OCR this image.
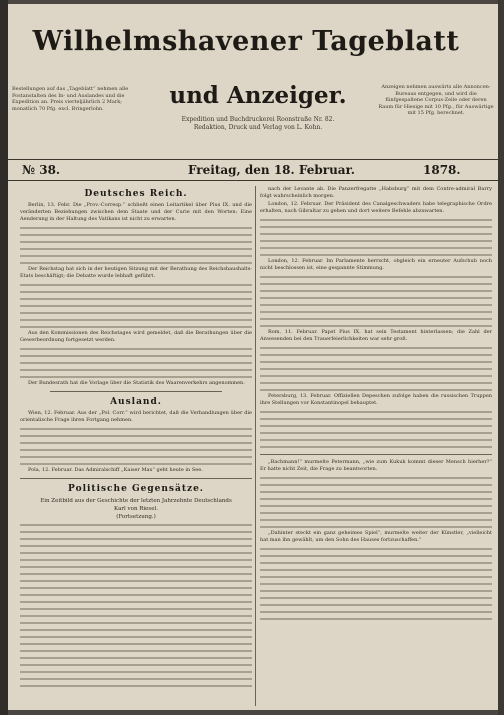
Wilhelmshavener Tageblatt
Bestellungen auf das „Tageblatt“ nehmen alle Postanstalten des In- und Auslandes und die Expedition an. Preis vierteljährlich 2 Mark; monatlich 70 Pfg. excl. Bringerlohn.	und Anzeiger.	Anzeigen nehmen auswärts alle Annoncen-Bureaus entgegen, und wird die fünfgespaltene Corpus-Zeile oder deren Raum für Hiesige mit 10 Pfg., für Auswärtige mit 15 Pfg. berechnet.
Expedition und Buchdruckerei Roonstraße Nr. 82.
Redaktion, Druck und Verlag von L. Kohn.
№ 38.	Freitag, den 18. Februar.	1878.
Deutsches Reich.
Berlin, 13. Febr. Die „Prov.-Corresp.“ schließt einen Leitartikel über Pius IX. und die veränderten Beziehungen zwischen dem Staate und der Curie mit den Worten: Eine Aenderung in der Haltung des Vatikans ist nicht zu erwarten.
Der Reichstag hat sich in der heutigen Sitzung mit der Berathung des Reichshaushalts-Etats beschäftigt; die Debatte wurde lebhaft geführt.
Aus den Kommissionen des Reichstages wird gemeldet, daß die Berathungen über die Gewerbeordnung fortgesetzt werden.
Der Bundesrath hat die Vorlage über die Statistik des Waarenverkehrs angenommen.
Ausland.
Wien, 12. Februar. Aus der „Pol. Corr.“ wird berichtet, daß die Verhandlungen über die orientalische Frage ihren Fortgang nehmen.
Pola, 12. Februar. Das Admiralschiff „Kaiser Max“ geht heute in See.
Politische Gegensätze.
Ein Zeitbild aus der Geschichte der letzten Jahrzehnte Deutschlands
Karl von Riesel.
(Fortsetzung.)
nach der Levante ab. Die Panzerfregatte „Habsburg“ mit dem Contre-admiral Barry folgt wahrscheinlich morgen.
London, 12. Februar. Der Präsident des Canalgeschwaders habe telegraphische Ordre erhalten, nach Gibraltar zu gehen und dort weitere Befehle abzuwarten.
London, 12. Februar. Im Parlamente herrscht, obgleich ein erneuter Aufschub noch nicht beschlossen ist, eine gespannte Stimmung.
Rom, 11. Februar. Papst Pius IX. hat sein Testament hinterlassen; die Zahl der Anwesenden bei den Trauerfeierlichkeiten war sehr groß.
Petersburg, 13. Februar. Offiziellen Depeschen zufolge haben die russischen Truppen ihre Stellungen vor Konstantinopel behauptet.
„Bachmann!“ murmelte Petermann, „wie zum Kukuk kommt dieser Mensch hierher?“ Er hatte nicht Zeit, die Frage zu beantworten.
„Dahinter steckt ein ganz geheimes Spiel“, murmelte weiter der Künstler, „vielleicht hat man ihn gewählt, um den Sohn des Hauses fortzuschaffen.“
